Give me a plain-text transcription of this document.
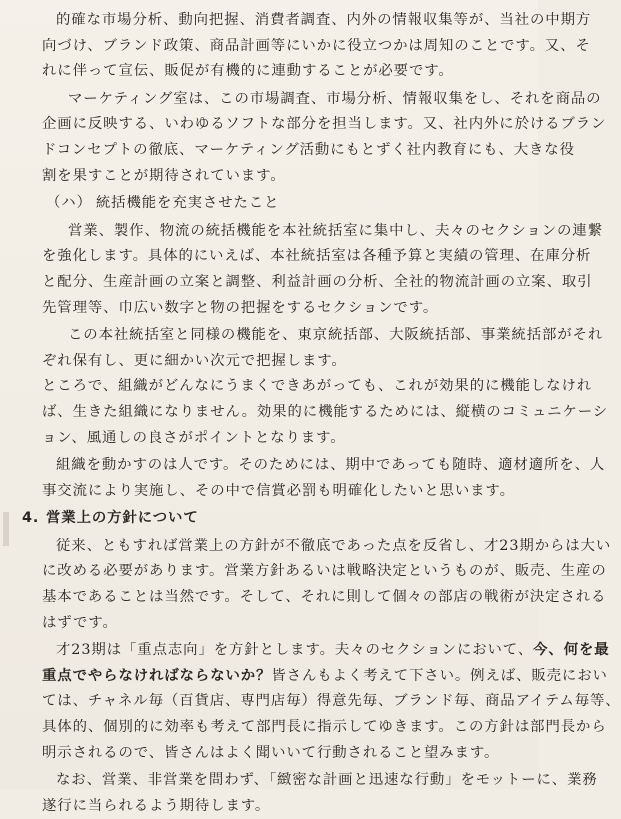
的確な市場分析、動向把握、消費者調査、内外の情報収集等が、当社の中期方
向づけ、ブランド政策、商品計画等にいかに役立つかは周知のことです。又、そ
れに伴って宣伝、販促が有機的に連動することが必要です。

マーケティング室は、この市場調査、市場分析、情報収集をし、それを商品の
企画に反映する、いわゆるソフトな部分を担当します。又、社内外に於けるブラン
ドコンセプトの徹底、マーケティング活動にもとずく社内教育にも、大きな役
割を果すことが期待されています。

（ハ） 統括機能を充実させたこと

営業、製作、物流の統括機能を本社統括室に集中し、夫々のセクションの連繋
を強化します。具体的にいえば、本社統括室は各種予算と実績の管理、在庫分析
と配分、生産計画の立案と調整、利益計画の分析、全社的物流計画の立案、取引
先管理等、巾広い数字と物の把握をするセクションです。

この本社統括室と同様の機能を、東京統括部、大阪統括部、事業統括部がそれ
ぞれ保有し、更に細かい次元で把握します。

ところで、組織がどんなにうまくできあがっても、これが効果的に機能しなけれ
ば、生きた組織になりません。効果的に機能するためには、縦横のコミュニケーシ
ョン、風通しの良さがポイントとなります。

組織を動かすのは人です。そのためには、期中であっても随時、適材適所を、人
事交流により実施し、その中で信賞必罰も明確化したいと思います。

4. 営業上の方針について

従来、ともすれば営業上の方針が不徹底であった点を反省し、才23期からは大い
に改める必要があります。営業方針あるいは戦略決定というものが、販売、生産の
基本であることは当然です。そして、それに則して個々の部店の戦術が決定される
はずです。

才23期は「重点志向」を方針とします。夫々のセクションにおいて、今、何を最
重点でやらなければならないか？皆さんもよく考えて下さい。例えば、販売におい
ては、チャネル毎（百貨店、専門店毎）得意先毎、ブランド毎、商品アイテム毎等、
具体的、個別的に効率も考えて部門長に指示してゆきます。この方針は部門長から
明示されるので、皆さんはよく聞いいて行動されること望みます。

なお、営業、非営業を問わず、「緻密な計画と迅速な行動」をモットーに、業務
遂行に当られるよう期待します。
